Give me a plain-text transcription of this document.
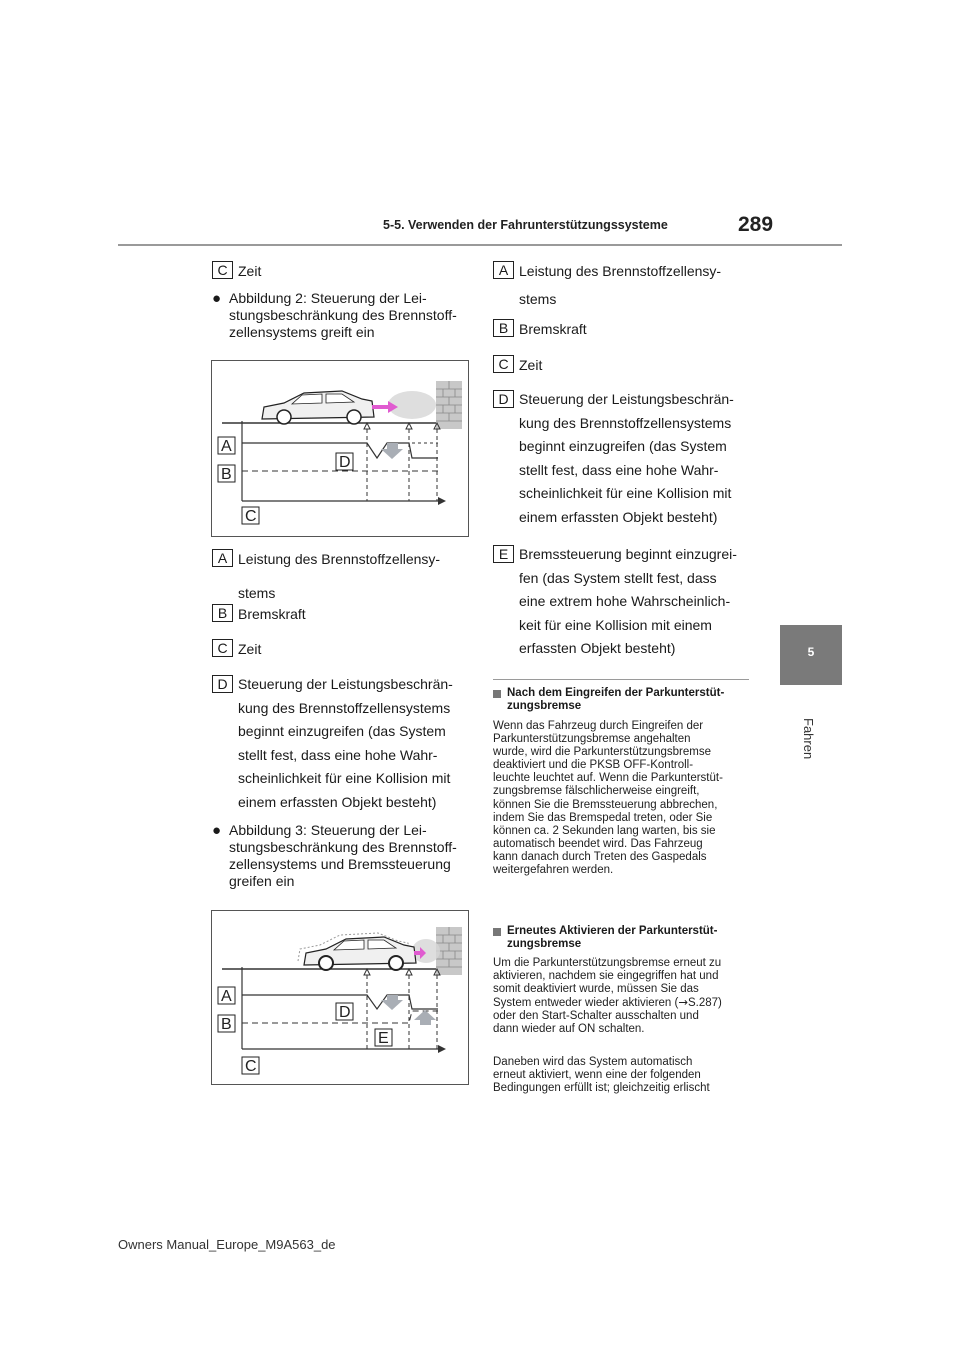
5-5. Verwenden der Fahrunterstützungssysteme	289
5
Fahren
C Zeit
● Abbildung 2: Steuerung der Lei-
stungsbeschränkung des Brennstoff-
zellensystems greift ein
A
B
C
D
A Leistung des Brennstoffzellensy-
stems
B Bremskraft
C Zeit
D Steuerung der Leistungsbeschrän-
kung des Brennstoffzellensystems
beginnt einzugreifen (das System
stellt fest, dass eine hohe Wahr-
scheinlichkeit für eine Kollision mit
einem erfassten Objekt besteht)
● Abbildung 3: Steuerung der Lei-
stungsbeschränkung des Brennstoff-
zellensystems und Bremssteuerung
greifen ein
A
B
C
D
E
A Leistung des Brennstoffzellensy-
stems
B Bremskraft
C Zeit
D Steuerung der Leistungsbeschrän-
kung des Brennstoffzellensystems
beginnt einzugreifen (das System
stellt fest, dass eine hohe Wahr-
scheinlichkeit für eine Kollision mit
einem erfassten Objekt besteht)
E Bremssteuerung beginnt einzugrei-
fen (das System stellt fest, dass
eine extrem hohe Wahrscheinlich-
keit für eine Kollision mit einem
erfassten Objekt besteht)
Nach dem Eingreifen der Parkunterstüt-
zungsbremse
Wenn das Fahrzeug durch Eingreifen der
Parkunterstützungsbremse angehalten
wurde, wird die Parkunterstützungsbremse
deaktiviert und die PKSB OFF-Kontroll-
leuchte leuchtet auf. Wenn die Parkunterstüt-
zungsbremse fälschlicherweise eingreift,
können Sie die Bremssteuerung abbrechen,
indem Sie das Bremspedal treten, oder Sie
können ca. 2 Sekunden lang warten, bis sie
automatisch beendet wird. Das Fahrzeug
kann danach durch Treten des Gaspedals
weitergefahren werden.
Erneutes Aktivieren der Parkunterstüt-
zungsbremse
Um die Parkunterstützungsbremse erneut zu
aktivieren, nachdem sie eingegriffen hat und
somit deaktiviert wurde, müssen Sie das
System entweder wieder aktivieren (→S.287)
oder den Start-Schalter ausschalten und
dann wieder auf ON schalten.
Daneben wird das System automatisch
erneut aktiviert, wenn eine der folgenden
Bedingungen erfüllt ist; gleichzeitig erlischt
Owners Manual_Europe_M9A563_de
